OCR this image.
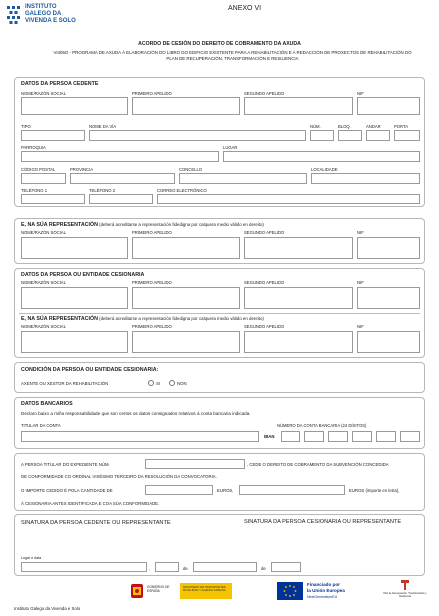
INSTITUTO
GALEGO DA
VIVENDA E SOLO
ANEXO VI
ACORDO DE CESIÓN DO DEREITO DE COBRAMENTO DA AXUDA
VI406G - PROGRAMA DE AXUDA Á ELABORACIÓN DO LIBRO DO EDIFICIO EXISTENTE PARA A REHABILITACIÓN E A REDACCIÓN DE PROXECTOS DE REHABILITACIÓN DO PLAN DE RECUPERACIÓN, TRANSFORMACIÓN E RESILIENCIA
DATOS DA PERSOA CEDENTE
NOME/RAZÓN SOCIAL	PRIMEIRO APELIDO	SEGUNDO APELIDO	NIF
TIPO	NOME DA VÍA	NÚM.	BLOQ.	ANDAR	PORTA
PARROQUIA	LUGAR
CÓDIGO POSTAL	PROVINCIA	CONCELLO	LOCALIDADE
TELÉFONO 1	TELÉFONO 2	CORREO ELECTRÓNICO
E, NA SÚA REPRESENTACIÓN (deberá acreditarse a representación fidedigna por calquera medio válido en dereito)
NOME/RAZÓN SOCIAL	PRIMEIRO APELIDO	SEGUNDO APELIDO	NIF
DATOS DA PERSOA OU ENTIDADE CESIONARIA
NOME/RAZÓN SOCIAL	PRIMEIRO APELIDO	SEGUNDO APELIDO	NIF
E, NA SÚA REPRESENTACIÓN (deberá acreditarse a representación fidedigna por calquera medio válido en dereito)
NOME/RAZÓN SOCIAL	PRIMEIRO APELIDO	SEGUNDO APELIDO	NIF
CONDICIÓN DA PERSOA OU ENTIDADE CESIONARIA:
AXENTE OU XESTOR DA REHABILITACIÓN	SI	NON
DATOS BANCARIOS
Declaro baixo a miña responsabilidade que son certos os datos consignados relativos á conta bancaria indicada.
TITULAR DA CONTA	NÚMERO DA CONTA BANCARIA (24 DÍXITOS)
IBAN
A PERSOA TITULAR DO EXPEDIENTE NÚM.	, CEDE O DEREITO DE COBRAMENTO DA SUBVENCIÓN CONCEDIDA
DE CONFORMIDADE CO ORDINAL VIXÉSIMO TERCEIRO DA RESOLUCIÓN DA CONVOCATORIA.
O IMPORTE CEDIDO É POLA CANTIDADE DE	EUROS,	EUROS (importe en letra),
Á CESIONARIA ANTES IDENTIFICADA E COA SÚA CONFORMIDADE.
SINATURA DA PERSOA CEDENTE OU REPRESENTANTE	SINATURA DA PERSOA CESIONARIA OU REPRESENTANTE
Lugar e data
,	de	de
GOBIERNO DE ESPAÑA
MINISTERIO DE TRANSPORTES, MOVILIDAD Y AGENDA URBANA
Financiado por
la Unión Europea
NextGenerationEU
Plan de Recuperación, Transformación y Resiliencia
Instituto Galego da Vivenda e Solo
